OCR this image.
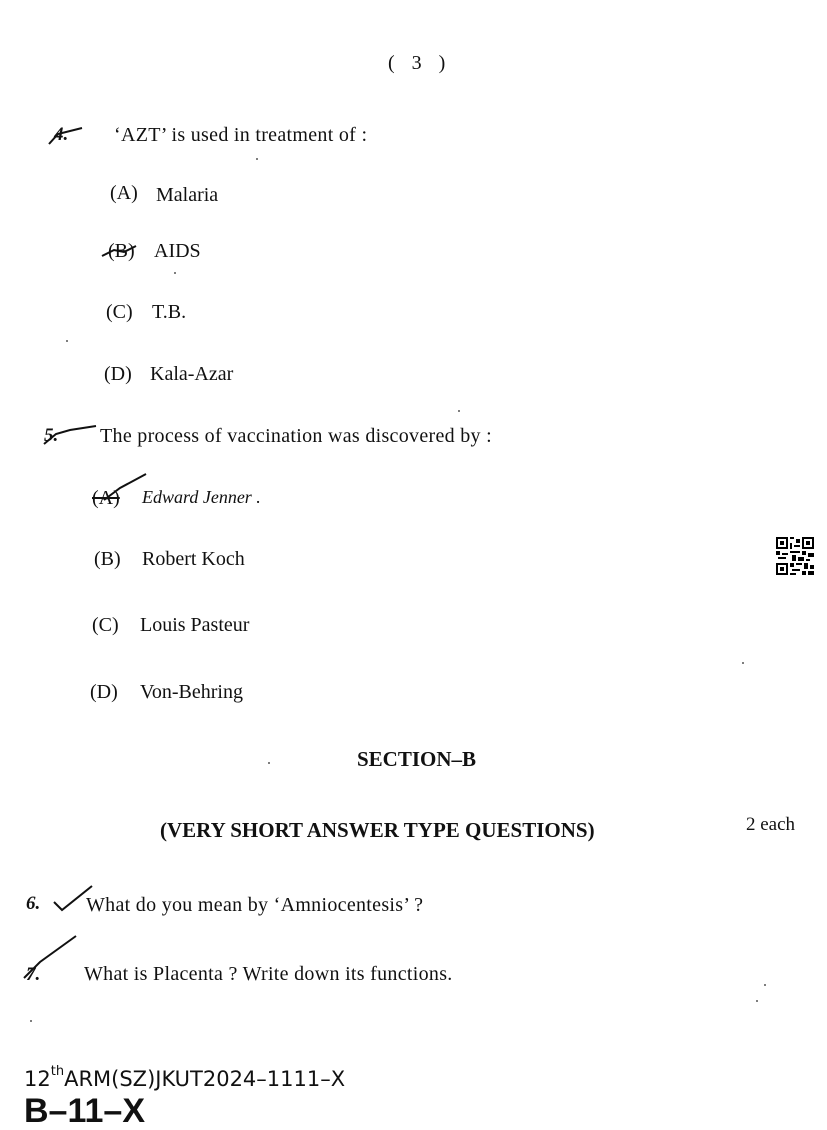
( 3 )
4. ‘AZT’ is used in treatment of :
(A) Malaria
(B) AIDS
(C) T.B.
(D) Kala-Azar
5. The process of vaccination was discovered by :
(A) Edward Jenner .
(B) Robert Koch
(C) Louis Pasteur
(D) Von-Behring
SECTION–B
(VERY SHORT ANSWER TYPE QUESTIONS)	2 each
6. What do you mean by ‘Amniocentesis’ ?
7. What is Placenta ? Write down its functions.
12thARM(SZ)JKUT2024–1111–X
B–11–X
